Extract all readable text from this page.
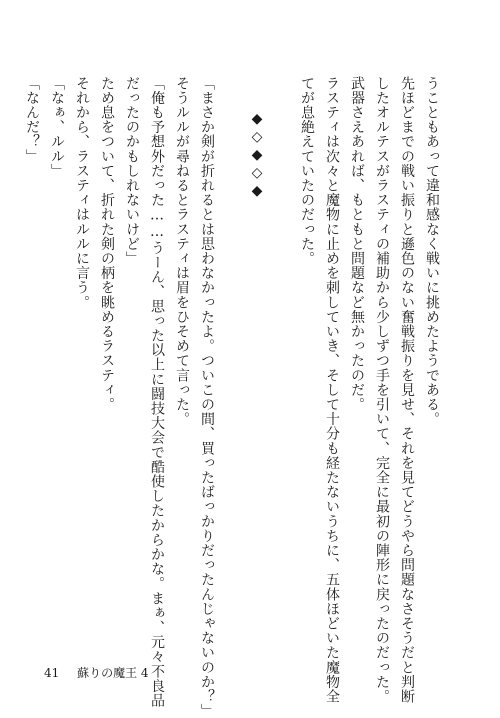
うこともあって違和感なく戦いに挑めたようである。
先ほどまでの戦い振りと遜色のない奮戦振りを見せ、それを見てどうやら問題なさそうだと判断
したオルテスがラスティの補助から少しずつ手を引いて、完全に最初の陣形に戻ったのだった。
武器さえあれば、もともと問題など無かったのだ。
ラスティは次々と魔物に止めを刺していき、そして十分も経たないうちに、五体ほどいた魔物全
てが息絶えていたのだった。
◆◇◆◇◆
「まさか剣が折れるとは思わなかったよ。ついこの間、買ったばっかりだったんじゃないのか？」
そうルルが尋ねるとラスティは眉をひそめて言った。
「俺も予想外だった……うーん、思った以上に闘技大会で酷使したからかな。まぁ、元々不良品
だったのかもしれないけど」
ため息をついて、折れた剣の柄を眺めるラスティ。
それから、ラスティはルルに言う。
「なぁ、ルル」
「なんだ？」
41 蘇りの魔王 4
